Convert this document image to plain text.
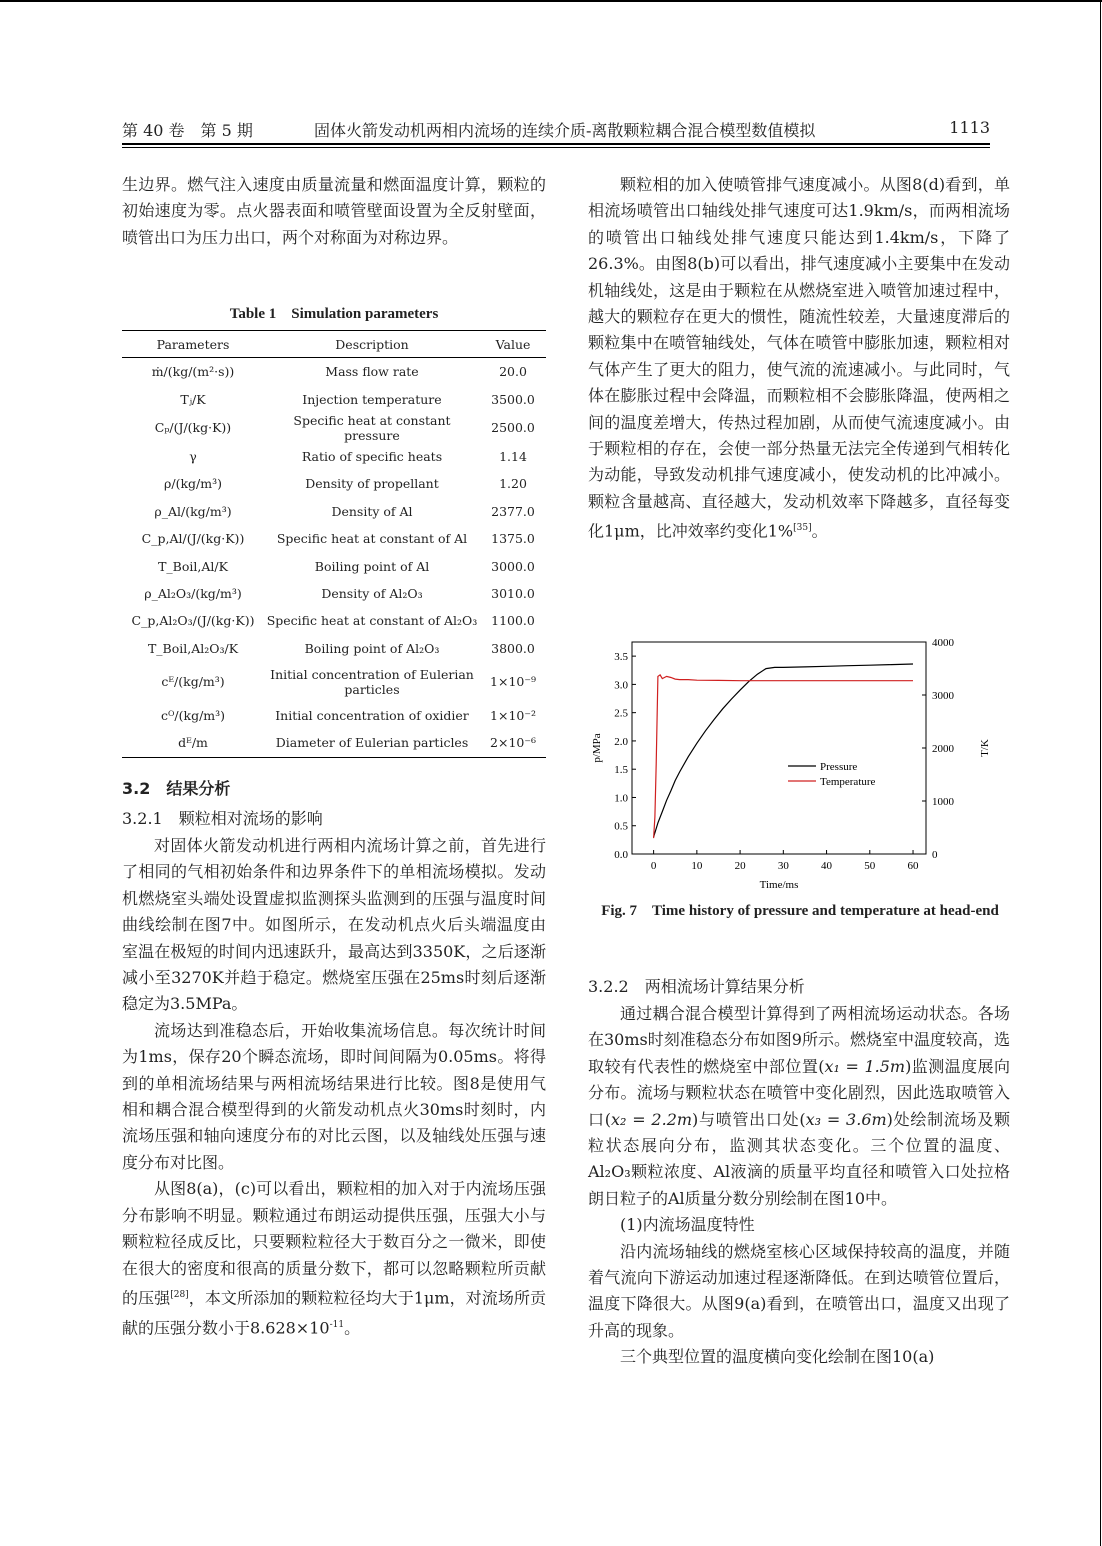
第 40 卷　第 5 期	固体火箭发动机两相内流场的连续介质-离散颗粒耦合混合模型数值模拟	1113

生边界。燃气注入速度由质量流量和燃面温度计算，颗粒的初始速度为零。点火器表面和喷管壁面设置为全反射壁面，喷管出口为压力出口，两个对称面为对称边界。

Table 1　Simulation parameters
Parameters	Description	Value
ṁ/(kg/(m²·s))	Mass flow rate	20.0
Tⱼ/K	Injection temperature	3500.0
Cₚ/(J/(kg·K))	Specific heat at constant pressure	2500.0
γ	Ratio of specific heats	1.14
ρ/(kg/m³)	Density of propellant	1.20
ρ_Al/(kg/m³)	Density of Al	2377.0
C_p,Al/(J/(kg·K))	Specific heat at constant of Al	1375.0
T_Boil,Al/K	Boiling point of Al	3000.0
ρ_Al₂O₃/(kg/m³)	Density of Al₂O₃	3010.0
C_p,Al₂O₃/(J/(kg·K))	Specific heat at constant of Al₂O₃	1100.0
T_Boil,Al₂O₃/K	Boiling point of Al₂O₃	3800.0
cᴱ/(kg/m³)	Initial concentration of Eulerian particles	1×10⁻⁹
cᴼ/(kg/m³)	Initial concentration of oxidier	1×10⁻²
dᴱ/m	Diameter of Eulerian particles	2×10⁻⁶
3.2　结果分析
3.2.1　颗粒相对流场的影响

对固体火箭发动机进行两相内流场计算之前，首先进行了相同的气相初始条件和边界条件下的单相流场模拟。发动机燃烧室头端处设置虚拟监测探头监测到的压强与温度时间曲线绘制在图7中。如图所示，在发动机点火后头端温度由室温在极短的时间内迅速跃升，最高达到3350K，之后逐渐减小至3270K并趋于稳定。燃烧室压强在25ms时刻后逐渐稳定为3.5MPa。

流场达到准稳态后，开始收集流场信息。每次统计时间为1ms，保存20个瞬态流场，即时间间隔为0.05ms。将得到的单相流场结果与两相流场结果进行比较。图8是使用气相和耦合混合模型得到的火箭发动机点火30ms时刻时，内流场压强和轴向速度分布的对比云图，以及轴线处压强与速度分布对比图。

从图8(a)，(c)可以看出，颗粒相的加入对于内流场压强分布影响不明显。颗粒通过布朗运动提供压强，压强大小与颗粒粒径成反比，只要颗粒粒径大于数百分之一微米，即使在很大的密度和很高的质量分数下，都可以忽略颗粒所贡献的压强[28]，本文所添加的颗粒粒径均大于1μm，对流场所贡献的压强分数小于$8.628\times 10^{-11}$。

颗粒相的加入使喷管排气速度减小。从图8(d)看到，单相流场喷管出口轴线处排气速度可达1.9km/s，而两相流场的喷管出口轴线处排气速度只能达到1.4km/s，下降了26.3%。由图8(b)可以看出，排气速度减小主要集中在发动机轴线处，这是由于颗粒在从燃烧室进入喷管加速过程中，越大的颗粒存在更大的惯性，随流性较差，大量速度滞后的颗粒集中在喷管轴线处，气体在喷管中膨胀加速，颗粒相对气体产生了更大的阻力，使气流的流速减小。与此同时，气体在膨胀过程中会降温，而颗粒相不会膨胀降温，使两相之间的温度差增大，传热过程加剧，从而使气流速度减小。由于颗粒相的存在，会使一部分热量无法完全传递到气相转化为动能，导致发动机排气速度减小，使发动机的比冲减小。颗粒含量越高、直径越大，发动机效率下降越多，直径每变化1μm，比冲效率约变化1%[35]。

0	10	20	30	40	50	60
0.0
0.5
1.0
1.5
2.0
2.5
3.0
3.5
0
1000
2000
3000
4000
Time/ms
p/MPa	T/K
Pressure
Temperature
Fig. 7　Time history of pressure and temperature at head-end
3.2.2　两相流场计算结果分析

通过耦合混合模型计算得到了两相流场运动状态。各场在30ms时刻准稳态分布如图9所示。燃烧室中温度较高，选取较有代表性的燃烧室中部位置(x₁ = 1.5m)监测温度展向分布。流场与颗粒状态在喷管中变化剧烈，因此选取喷管入口(x₂ = 2.2m)与喷管出口处(x₃ = 3.6m)处绘制流场及颗粒状态展向分布，监测其状态变化。三个位置的温度、Al₂O₃颗粒浓度、Al液滴的质量平均直径和喷管入口处拉格朗日粒子的Al质量分数分别绘制在图10中。

(1)内流场温度特性

沿内流场轴线的燃烧室核心区域保持较高的温度，并随着气流向下游运动加速过程逐渐降低。在到达喷管位置后，温度下降很大。从图9(a)看到，在喷管出口，温度又出现了升高的现象。

三个典型位置的温度横向变化绘制在图10(a)
